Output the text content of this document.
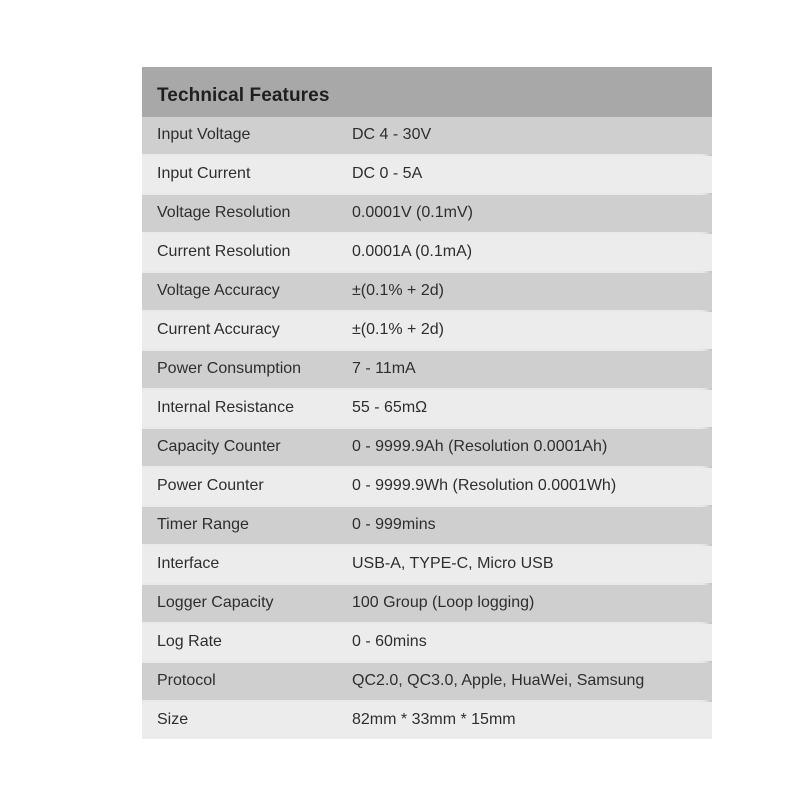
Technical Features
Input Voltage	DC 4 - 30V
Input Current	DC 0 - 5A
Voltage Resolution	0.0001V (0.1mV)
Current Resolution	0.0001A (0.1mA)
Voltage Accuracy	±(0.1% + 2d)
Current Accuracy	±(0.1% + 2d)
Power Consumption	7 - 11mA
Internal Resistance	55 - 65mΩ
Capacity Counter	0 - 9999.9Ah (Resolution 0.0001Ah)
Power Counter	0 - 9999.9Wh (Resolution 0.0001Wh)
Timer Range	0 - 999mins
Interface	USB-A, TYPE-C, Micro USB
Logger Capacity	100 Group (Loop logging)
Log Rate	0 - 60mins
Protocol	QC2.0, QC3.0, Apple, HuaWei, Samsung
Size	82mm * 33mm * 15mm
